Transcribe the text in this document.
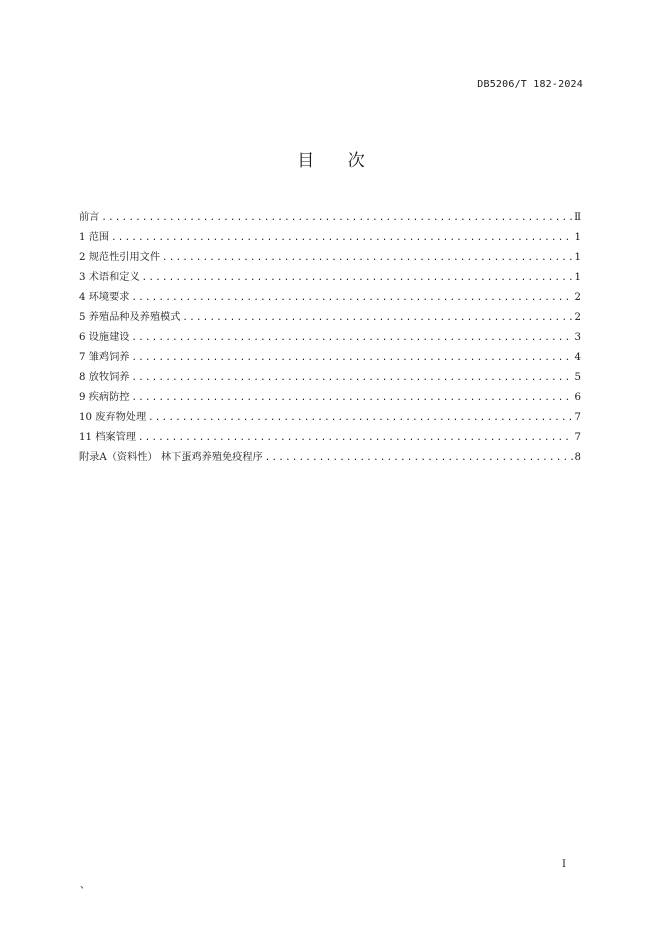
DB5206/T 182-2024
目 次
前言 .....	Ⅱ
1 范围 .....	1
2 规范性引用文件 .....	1
3 术语和定义 .....	1
4 环境要求 .....	2
5 养殖品种及养殖模式 .....	2
6 设施建设 .....	3
7 雏鸡饲养 .....	4
8 放牧饲养 .....	5
9 疾病防控 .....	6
10 废弃物处理 .....	7
11 档案管理 .....	7
附录A（资料性） 林下蛋鸡养殖免疫程序 .....	8
I
、
